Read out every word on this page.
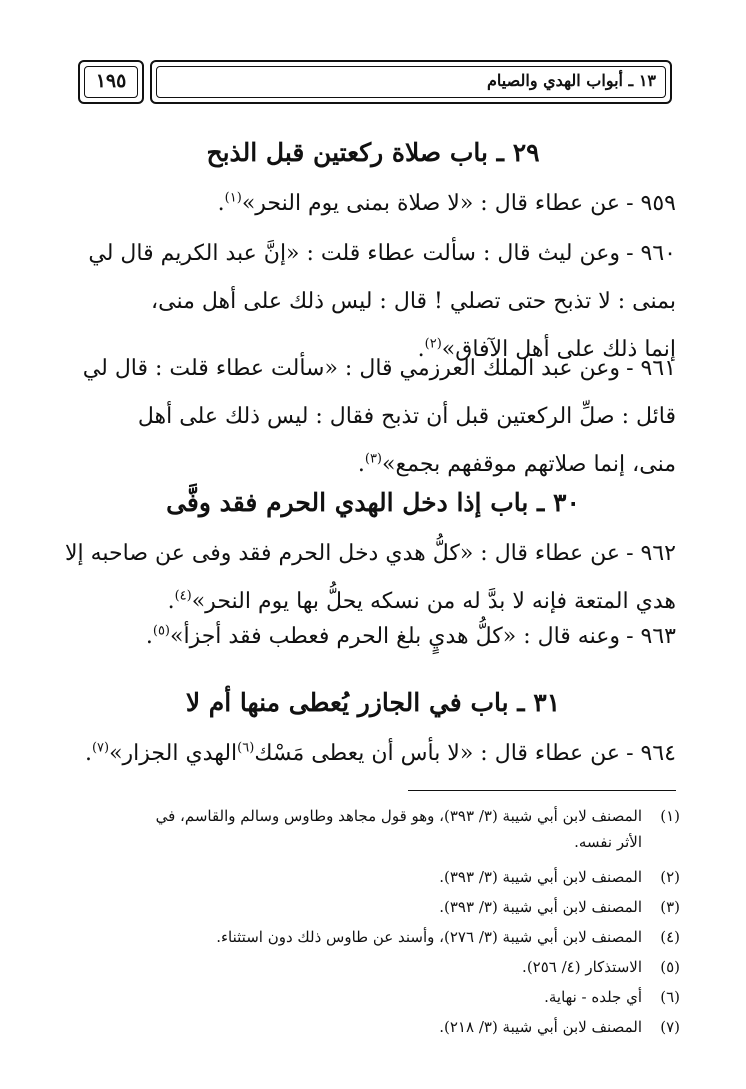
١٣ ـ أبواب الهدي والصيام
١٩٥
٢٩ ـ باب صلاة ركعتين قبل الذبح
٩٥٩ -عن عطاء قال : «لا صلاة بمنى يوم النحر»$^{(١)}$.
٩٦٠ -وعن ليث قال : سألت عطاء قلت : «إنَّ عبد الكريم قال لي
بمنى : لا تذبح حتى تصلي ! قال : ليس ذلك على أهل منى،
إنما ذلك على أهل الآفاق»$^{(٢)}$.
٩٦١ -وعن عبد الملك العرزمي قال : «سألت عطاء قلت : قال لي
قائل : صلِّ الركعتين قبل أن تذبح فقال : ليس ذلك على أهل
منى، إنما صلاتهم موقفهم بجمع»$^{(٣)}$.
٣٠ ـ باب إذا دخل الهدي الحرم فقد وفَّى
٩٦٢ -عن عطاء قال : «كلُّ هدي دخل الحرم فقد وفى عن صاحبه إلا
هدي المتعة فإنه لا بدَّ له من نسكه يحلُّ بها يوم النحر»$^{(٤)}$.
٩٦٣ -وعنه قال : «كلُّ هديٍ بلغ الحرم فعطب فقد أجزأ»$^{(٥)}$.
٣١ ـ باب في الجازر يُعطى منها أم لا
٩٦٤ -عن عطاء قال : «لا بأس أن يعطى مَسْك$^{(٦)}$الهدي الجزار»$^{(٧)}$.
(١)المصنف لابن أبي شيبة (٣/ ٣٩٣)، وهو قول مجاهد وطاوس وسالم والقاسم، في
الأثر نفسه.
(٢)المصنف لابن أبي شيبة (٣/ ٣٩٣).
(٣)المصنف لابن أبي شيبة (٣/ ٣٩٣).
(٤)المصنف لابن أبي شيبة (٣/ ٢٧٦)، وأسند عن طاوس ذلك دون استثناء.
(٥)الاستذكار (٤/ ٢٥٦).
(٦)أي جلده - نهاية.
(٧)المصنف لابن أبي شيبة (٣/ ٢١٨).
